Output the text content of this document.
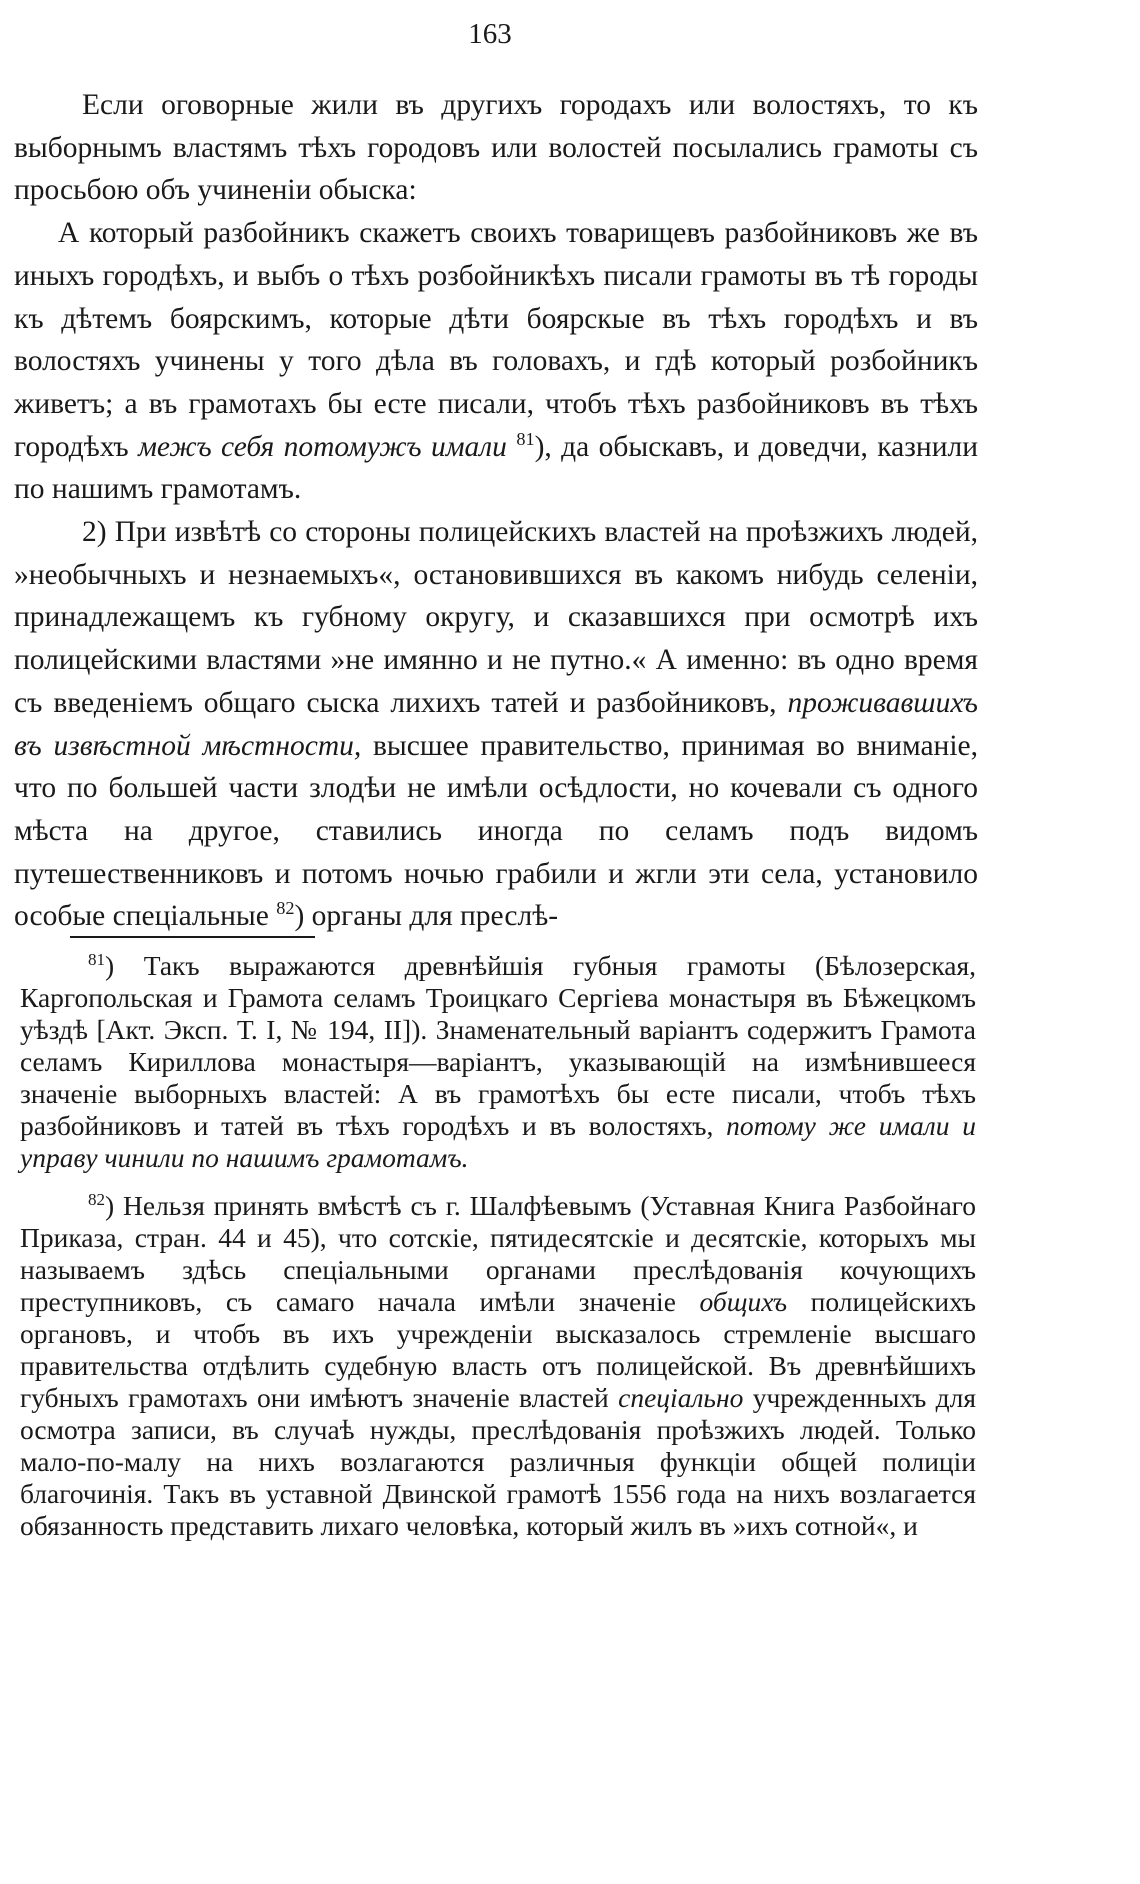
163

Если оговорные жили въ другихъ городахъ или волостяхъ, то къ выборнымъ властямъ тѣхъ городовъ или волостей посылались грамоты съ просьбою объ учиненіи обыска:

А который разбойникъ скажетъ своихъ товарищевъ разбойниковъ же въ иныхъ городѣхъ, и выбъ о тѣхъ розбойникѣхъ писали грамоты въ тѣ городы къ дѣтемъ боярскимъ, которые дѣти боярскые въ тѣхъ городѣхъ и въ волостяхъ учинены у того дѣла въ головахъ, и гдѣ который розбойникъ живетъ; а въ грамотахъ бы есте писали, чтобъ тѣхъ разбойниковъ въ тѣхъ городѣхъ межъ себя потомужъ имали $^{81}$), да обыскавъ, и доведчи, казнили по нашимъ грамотамъ.

2) При извѣтѣ со стороны полицейскихъ властей на проѣзжихъ людей, »необычныхъ и незнаемыхъ«, остановившихся въ какомъ нибудь селеніи, принадлежащемъ къ губному округу, и сказавшихся при осмотрѣ ихъ полицейскими властями »не имянно и не путно.« А именно: въ одно время съ введеніемъ общаго сыска лихихъ татей и разбойниковъ, проживавшихъ въ извѣстной мѣстности, высшее правительство, принимая во вниманіе, что по большей части злодѣи не имѣли осѣдлости, но кочевали съ одного мѣста на другое, ставились иногда по селамъ подъ видомъ путешественниковъ и потомъ ночью грабили и жгли эти села, установило особые спеціальные $^{82}$) органы для преслѣ-

$^{81}$) Такъ выражаются древнѣйшія губныя грамоты (Бѣлозерская, Каргопольская и Грамота селамъ Троицкаго Сергіева монастыря въ Бѣжецкомъ уѣздѣ [Акт. Эксп. Т. I, № 194, II]). Знаменательный варіантъ содержитъ Грамота селамъ Кириллова монастыря—варіантъ, указывающій на измѣнившееся значеніе выборныхъ властей: А въ грамотѣхъ бы есте писали, чтобъ тѣхъ разбойниковъ и татей въ тѣхъ городѣхъ и въ волостяхъ, потому же имали и управу чинили по нашимъ грамотамъ.

$^{82}$) Нельзя принять вмѣстѣ съ г. Шалфѣевымъ (Уставная Книга Разбойнаго Приказа, стран. 44 и 45), что сотскіе, пятидесятскіе и десятскіе, которыхъ мы называемъ здѣсь спеціальными органами преслѣдованія кочующихъ преступниковъ, съ самаго начала имѣли значеніе общихъ полицейскихъ органовъ, и чтобъ въ ихъ учрежденіи высказалось стремленіе высшаго правительства отдѣлить судебную власть отъ полицейской. Въ древнѣйшихъ губныхъ грамотахъ они имѣютъ значеніе властей спеціально учрежденныхъ для осмотра записи, въ случаѣ нужды, преслѣдованія проѣзжихъ людей. Только мало-по-малу на нихъ возлагаются различныя функціи общей полиціи благочинія. Такъ въ уставной Двинской грамотѣ 1556 года на нихъ возлагается обязанность представить лихаго человѣка, который жилъ въ »ихъ сотной«, и
